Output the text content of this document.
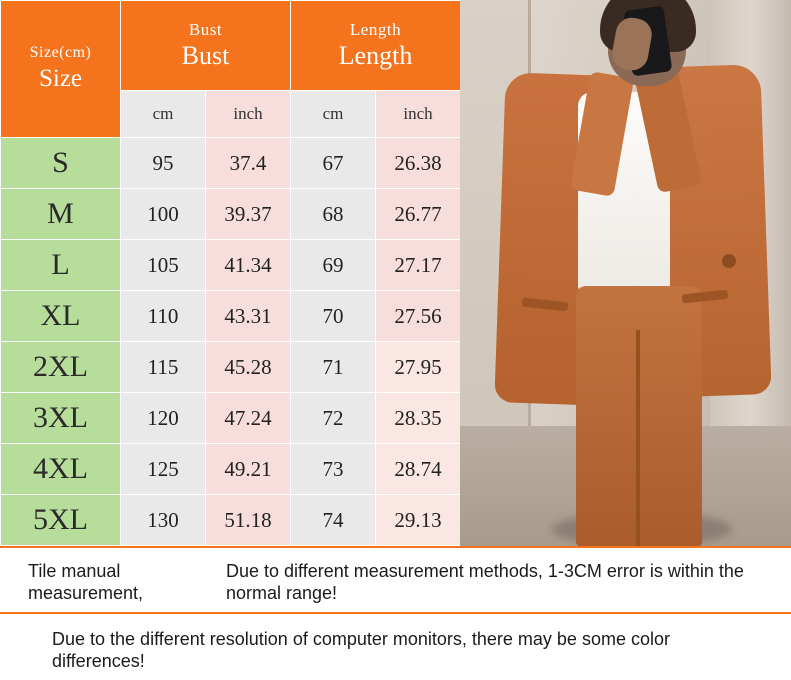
Size(cm)
Size	Bust
Bust		Length
Length	

	cm	inch	cm	inch
S	95	37.4	67	26.38
M	100	39.37	68	26.77
L	105	41.34	69	27.17
XL	110	43.31	70	27.56
2XL	115	45.28	71	27.95
3XL	120	47.24	72	28.35
4XL	125	49.21	73	28.74
5XL	130	51.18	74	29.13
Tile manual measurement,
Due to different measurement methods, 1-3CM error is within the normal range!
Due to the different resolution of computer monitors, there may be some color differences!
